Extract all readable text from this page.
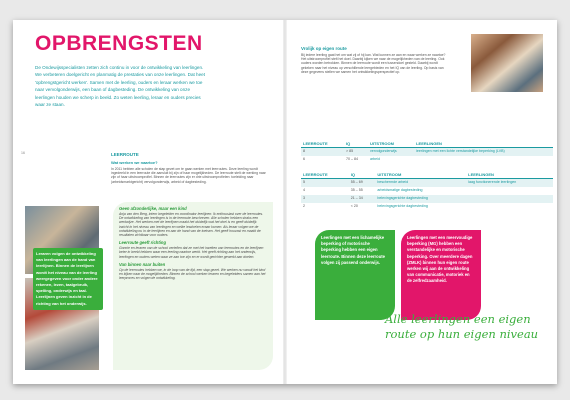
OPBRENGSTEN
De Ondewijsspecialisten zetten zich continu in voor de ontwikkeling van leerlingen. We verbeteren doelgericht en planmatig de prestaties van onze leerlingen. Dat heet 'opbrengstgericht werken'. Samen met de leerling, ouders en leraar werken we toe naar vervolgonderwijs, een baan of dagbesteding. De ontwikkeling van onze leerlingen houden we scherp in beeld. Zo weten leerling, leraar en ouders precies waar ze staan.
16	LEERROUTE
Wat werken we naartoe?
In 2011 hebben alle scholen de stap gezet om te gaan werken met leerroutes. Deze leerling wordt ingedeeld in een leerroute die aansluit bij zijn of haar mogelijkheden. De leerroute stelt de werking naar zijn of haar uitstroomprofiel. Binnen de leerroutes zijn er drie uitstroomprofielen: toeleiding naar (arbeidsmarktgericht) vervolgonderwijs, arbeid of dagbesteding.
Leraren volgen de ontwikkeling van leerlingen aan de hand van leerlijnen. Binnen de leerlijnen wordt het niveau van de leerling weergegeven voor onder andere rekenen, lezen, taalgebruik, spelling, onderwijs en taal. Leerlijnen geven inzicht in de richting van het onderwijs.
Geen afzonderlijke, maar een kind

Anja van den Berg, intern begeleider en coordinator leerlijnen: Ik enthousiast over de leerroutes. De ontwikkeling van leerlingen is in de leerroute beschreven. Alle scholen hebben straks een werkwijze. Het werken met de leerlijnen maakt het duidelijk wat het doel is en geeft duidelijk inzicht in het niveau van leerlingen en welke lesdoelen eraan komen. Als leraar volgen we de ontwikkeling nu in de leerlijnen en aan de hand van de toetsen. Het geeft houvast en maakt de resultaten zichtbaar voor ouders.

Leerroute geeft richting

Gonnie en leraren van de school vertellen dat ze met het inzetten van leerroutes en de leerlijnen beter in beeld hebben waar een leerling naartoe werkt. Het geeft richting aan het onderwijs, leerlingen en ouders weten waar ze aan toe zijn en er wordt gerichter gewerkt aan doelen.

Van binnen naar buiten

Op de leerroutes hebben we, in de loop van de tijd, een stap gezet. We werken nu vanuit het kind en kijken naar de mogelijkheden. Binnen de school werken leraren en begeleiders samen aan het leerproces en volgen de ontwikkeling.

Vrolijk op eigen route
Bij iedere leerling gaat het om wat zij of hij kan. Wat kunnen ze aan en waar werken ze naartoe? Het uitstroomprofiel stelt het doel. Daarbij kijken we naar de mogelijkheden van de leerling. Ook ouders worden betrokken. Binnen de leerroute wordt een tussendoel gesteld. Daarbij wordt gekeken naar het niveau op verschillende leergebieden en het IQ van de leerling. Op basis van deze gegevens stellen we samen het ontwikkelingsperspectief op.
LEERROUTE	IQ	UITSTROOM	LEERLINGEN
8	> 85	vervolgonderwijs	leerlingen met een lichte verstandelijke beperking (LVB)
6	70 – 84	arbeid	
LEERROUTE	IQ	UITSTROOM	LEERLINGEN
5	55 – 69	beschermde arbeid	laag functionerende leerlingen
4	35 – 55	arbeidsmatige dagbesteding	
3	21 – 34	belevingsgerichte dagbesteding	
2	< 20	belevingsgerichte dagbesteding	
Leerlingen met een lichamelijke beperking of motorische beperking hebben een eigen leerroute. Binnen deze leerroute volgen zij passend onderwijs.
Leerlingen met een meervoudige beperking (MG) hebben een verstandelijke en motorische beperking. Over meerdere dagen (ZMLK) binnen hun eigen route werken wij aan de ontwikkeling van communicatie, motoriek en de zelfredzaamheid.
Alle leerlingen een eigen route op hun eigen niveau
